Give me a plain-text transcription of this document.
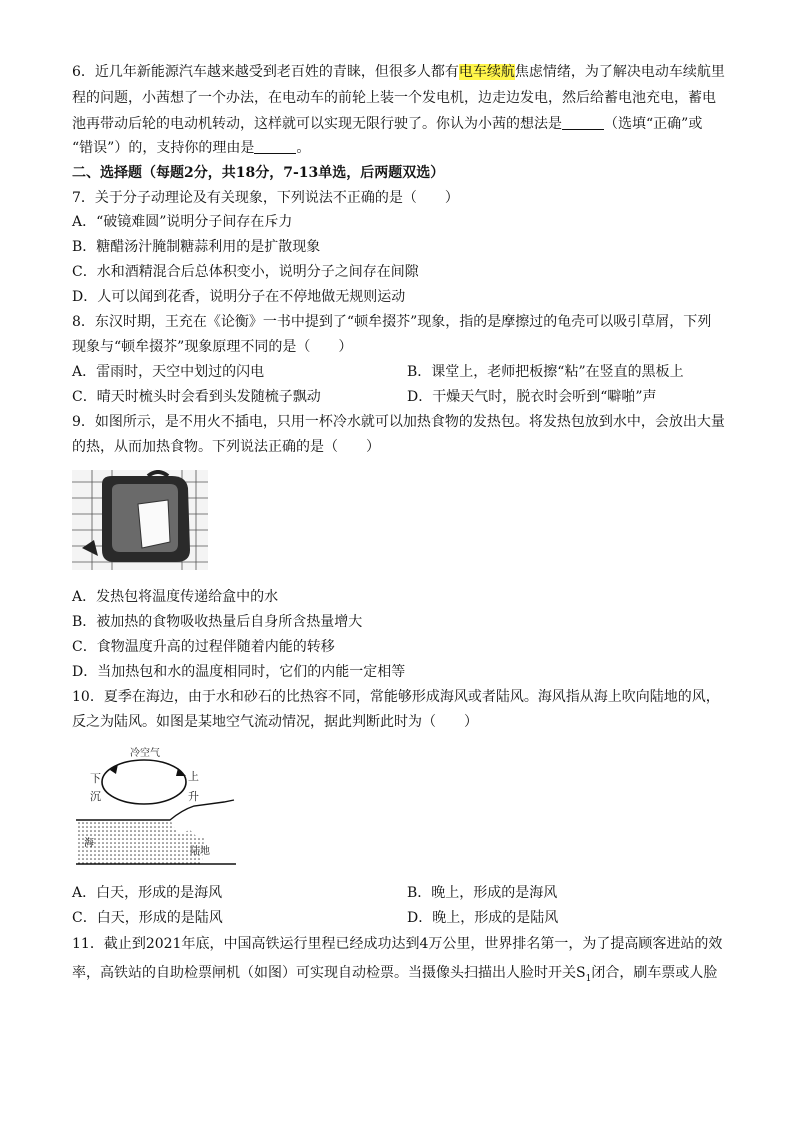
6．近几年新能源汽车越来越受到老百姓的青睐，但很多人都有电车续航焦虑情绪，为了解决电动车续航里
程的问题，小茜想了一个办法，在电动车的前轮上装一个发电机，边走边发电，然后给蓄电池充电，蓄电
池再带动后轮的电动机转动，这样就可以实现无限行驶了。你认为小茜的想法是	（选填“正确”或
“错误”）的，支持你的理由是	。
二、选择题（每题2分，共18分，7-13单选，后两题双选）
7．关于分子动理论及有关现象，下列说法不正确的是（　　）
A．“破镜难圆”说明分子间存在斥力
B．糖醋汤汁腌制糖蒜利用的是扩散现象
C．水和酒精混合后总体积变小，说明分子之间存在间隙
D．人可以闻到花香，说明分子在不停地做无规则运动
8．东汉时期，王充在《论衡》一书中提到了“顿牟掇芥”现象，指的是摩擦过的龟壳可以吸引草屑，下列
现象与“顿牟掇芥”现象原理不同的是（　　）
A．雷雨时，天空中划过的闪电	B．课堂上，老师把板擦“粘”在竖直的黑板上
C．晴天时梳头时会看到头发随梳子飘动	D．干燥天气时，脱衣时会听到“噼啪”声
9．如图所示，是不用火不插电，只用一杯冷水就可以加热食物的发热包。将发热包放到水中，会放出大量
的热，从而加热食物。下列说法正确的是（　　）
A．发热包将温度传递给盒中的水
B．被加热的食物吸收热量后自身所含热量增大
C．食物温度升高的过程伴随着内能的转移
D．当加热包和水的温度相同时，它们的内能一定相等
10．夏季在海边，由于水和砂石的比热容不同，常能够形成海风或者陆风。海风指从海上吹向陆地的风，
反之为陆风。如图是某地空气流动情况，据此判断此时为（　　）
冷空气
下
沉
上
升
海
陆地
A．白天，形成的是海风	B．晚上，形成的是海风
C．白天，形成的是陆风	D．晚上，形成的是陆风
11．截止到2021年底，中国高铁运行里程已经成功达到4万公里，世界排名第一，为了提高顾客进站的效
率，高铁站的自助检票闸机（如图）可实现自动检票。当摄像头扫描出人脸时开关$S_1$闭合，刷车票或人脸
